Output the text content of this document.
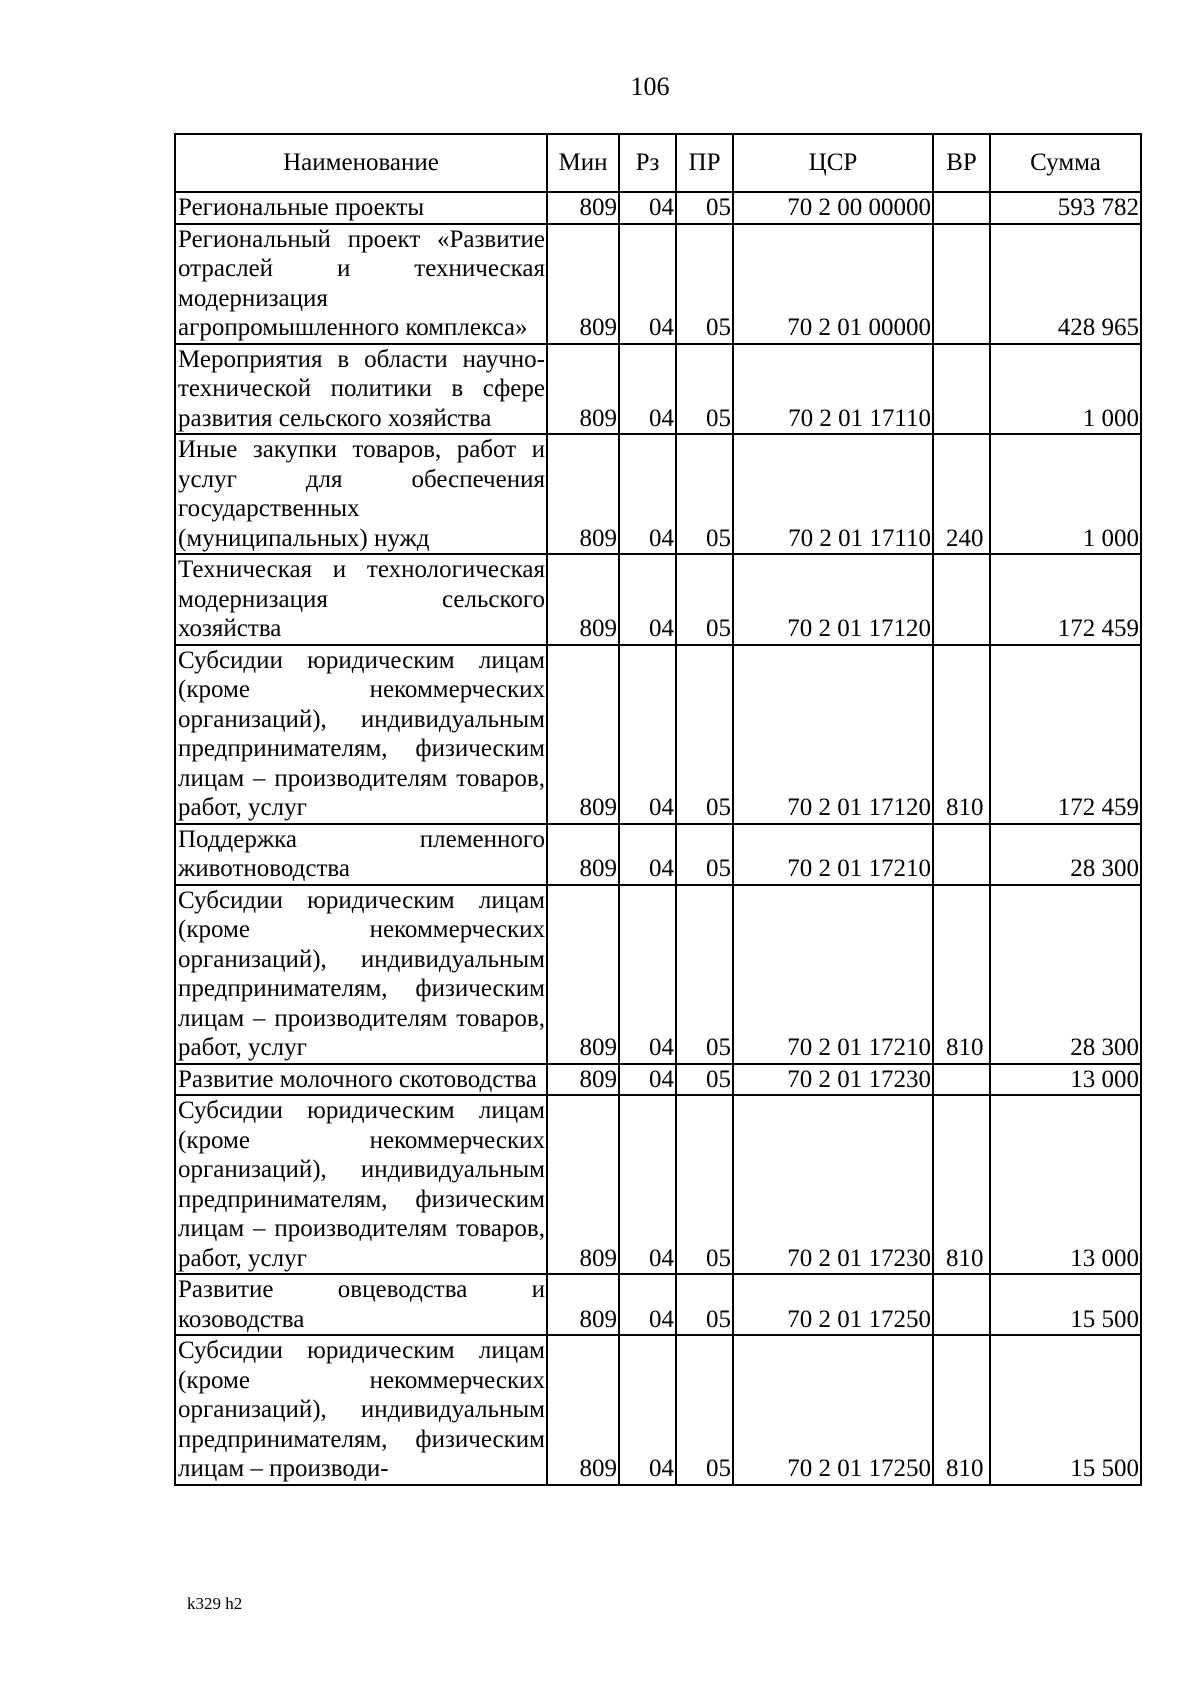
106
Наименование	Мин	Рз	ПР	ЦСР	ВР	Сумма
Региональные проекты	809	04	05	70 2 00 00000		593 782
Региональный проект «Развитие отраслей и техническая модернизация агропромышленного комплекса»	809	04	05	70 2 01 00000		428 965
Мероприятия в области научно-технической политики в сфере развития сельского хозяйства	809	04	05	70 2 01 17110		1 000
Иные закупки товаров, работ и услуг для обеспечения государственных (муниципальных) нужд	809	04	05	70 2 01 17110	240	1 000
Техническая и технологическая модернизация сельского хозяйства	809	04	05	70 2 01 17120		172 459
Субсидии юридическим лицам (кроме некоммерческих организаций), индивидуальным предпринимателям, физическим лицам – производителям товаров, работ, услуг	809	04	05	70 2 01 17120	810	172 459
Поддержка племенного животноводства	809	04	05	70 2 01 17210		28 300
Субсидии юридическим лицам (кроме некоммерческих организаций), индивидуальным предпринимателям, физическим лицам – производителям товаров, работ, услуг	809	04	05	70 2 01 17210	810	28 300
Развитие молочного скотоводства	809	04	05	70 2 01 17230		13 000
Субсидии юридическим лицам (кроме некоммерческих организаций), индивидуальным предпринимателям, физическим лицам – производителям товаров, работ, услуг	809	04	05	70 2 01 17230	810	13 000
Развитие овцеводства и козоводства	809	04	05	70 2 01 17250		15 500
Субсидии юридическим лицам (кроме некоммерческих организаций), индивидуальным предпринимателям, физическим лицам – производи-	809	04	05	70 2 01 17250	810	15 500
k329 h2
